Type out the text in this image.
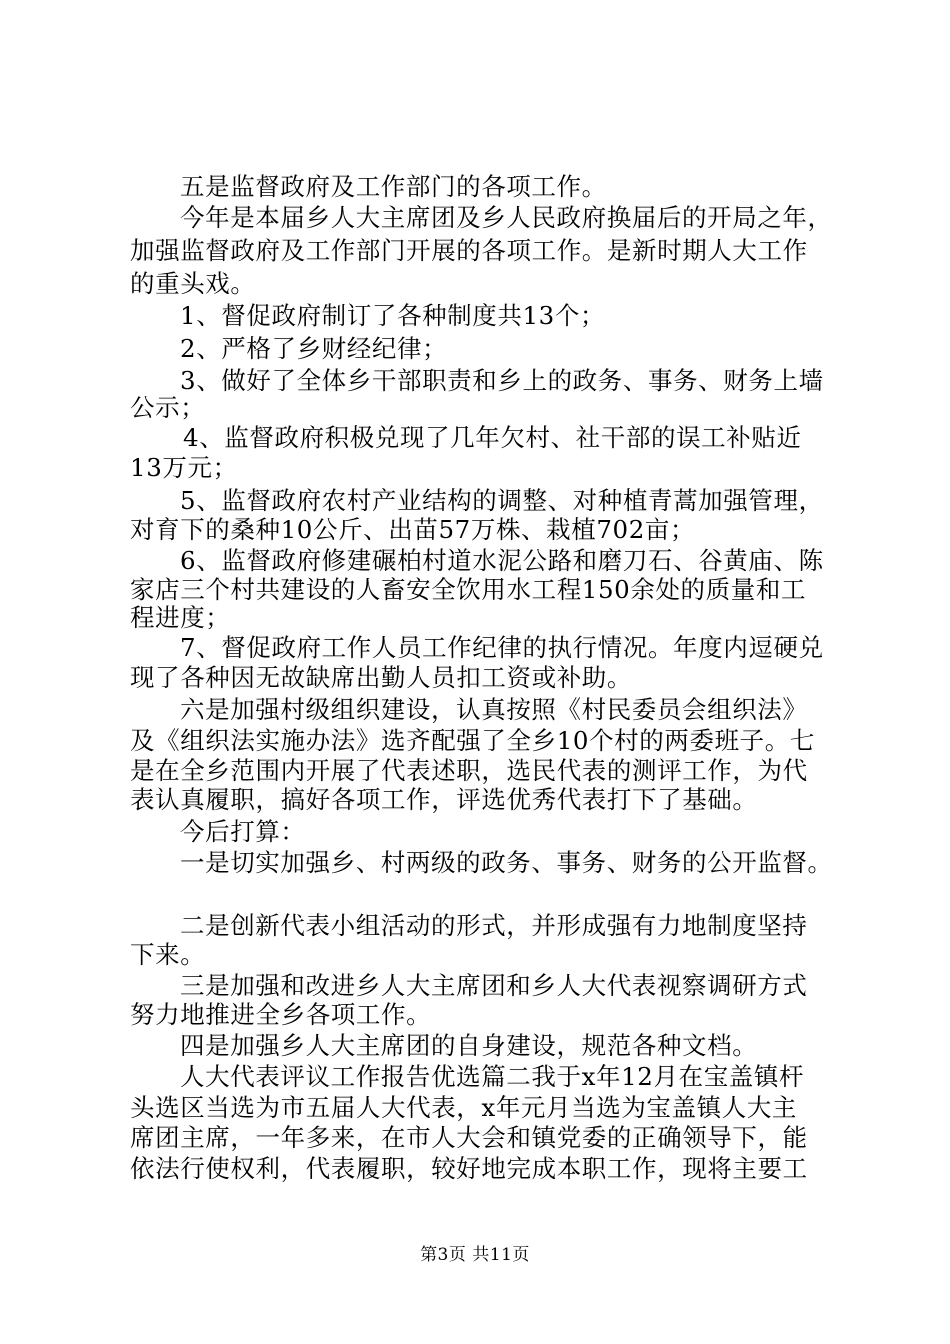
五是监督政府及工作部门的各项工作。
今年是本届乡人大主席团及乡人民政府换届后的开局之年，
加强监督政府及工作部门开展的各项工作。是新时期人大工作
的重头戏。
1、督促政府制订了各种制度共13个；
2、严格了乡财经纪律；
3、做好了全体乡干部职责和乡上的政务、事务、财务上墙
公示；
4、监督政府积极兑现了几年欠村、社干部的误工补贴近
13万元；
5、监督政府农村产业结构的调整、对种植青蒿加强管理，
对育下的桑种10公斤、出苗57万株、栽植702亩；
6、监督政府修建碾柏村道水泥公路和磨刀石、谷黄庙、陈
家店三个村共建设的人畜安全饮用水工程150余处的质量和工
程进度；
7、督促政府工作人员工作纪律的执行情况。年度内逗硬兑
现了各种因无故缺席出勤人员扣工资或补助。
六是加强村级组织建设，认真按照《村民委员会组织法》
及《组织法实施办法》选齐配强了全乡10个村的两委班子。七
是在全乡范围内开展了代表述职，选民代表的测评工作，为代
表认真履职，搞好各项工作，评选优秀代表打下了基础。
今后打算：
一是切实加强乡、村两级的政务、事务、财务的公开监督。
二是创新代表小组活动的形式，并形成强有力地制度坚持
下来。
三是加强和改进乡人大主席团和乡人大代表视察调研方式
努力地推进全乡各项工作。
四是加强乡人大主席团的自身建设，规范各种文档。
人大代表评议工作报告优选篇二我于x年12月在宝盖镇杆
头选区当选为市五届人大代表，x年元月当选为宝盖镇人大主
席团主席，一年多来，在市人大会和镇党委的正确领导下，能
依法行使权利，代表履职，较好地完成本职工作，现将主要工
第3页 共11页
